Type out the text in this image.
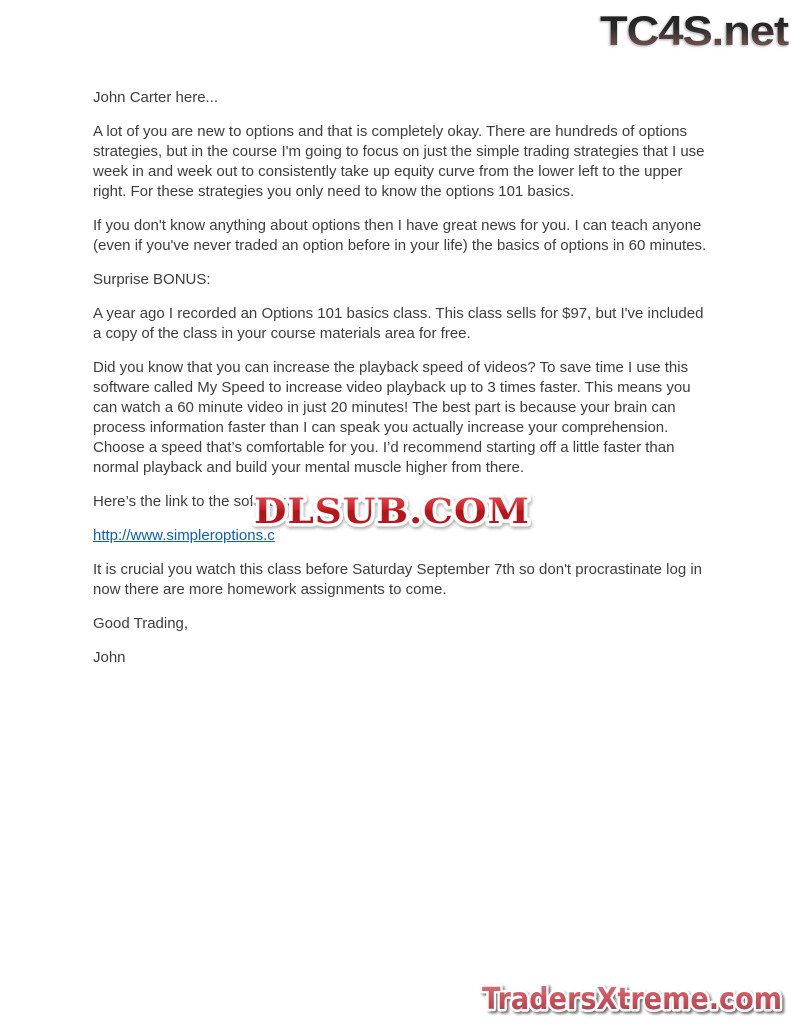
TC4S.net

John Carter here...

A lot of you are new to options and that is completely okay. There are hundreds of options strategies, but in the course I'm going to focus on just the simple trading strategies that I use week in and week out to consistently take up equity curve from the lower left to the upper right. For these strategies you only need to know the options 101 basics.

If you don't know anything about options then I have great news for you. I can teach anyone (even if you've never traded an option before in your life) the basics of options in 60 minutes.

Surprise BONUS:

A year ago I recorded an Options 101 basics class. This class sells for $97, but I've included a copy of the class in your course materials area for free.

Did you know that you can increase the playback speed of videos? To save time I use this software called My Speed to increase video playback up to 3 times faster. This means you can watch a 60 minute video in just 20 minutes! The best part is because your brain can process information faster than I can speak you actually increase your comprehension. Choose a speed that’s comfortable for you. I’d recommend starting off a little faster than normal playback and build your mental muscle higher from there.

Here’s the link to the software:

http://www.simpleroptions.c

It is crucial you watch this class before Saturday September 7th so don't procrastinate log in now there are more homework assignments to come.

Good Trading,

John

DLSUB.COM
TradersXtreme.com
